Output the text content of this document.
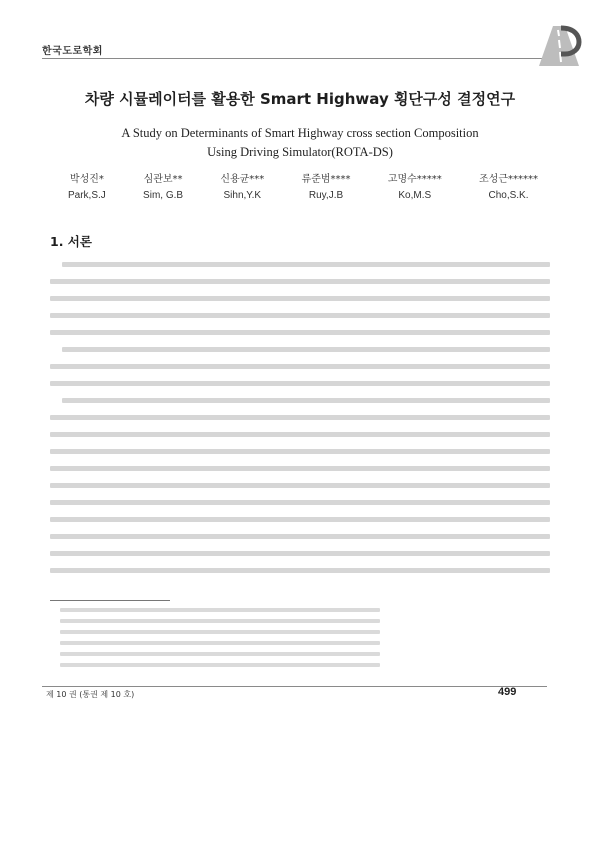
한국도로학회
차량 시뮬레이터를 활용한 Smart Highway 횡단구성 결정연구
A Study on Determinants of Smart Highway cross section Composition
Using Driving Simulator(ROTA-DS)
박성진*
Park,S.J
심관보**
Sim, G.B
신용균***
Sihn,Y.K
류준범****
Ruy,J.B
고명수*****
Ko,M.S
조성근******
Cho,S.K.
1. 서론
제 10 권 (통권 제 10 호)	499
